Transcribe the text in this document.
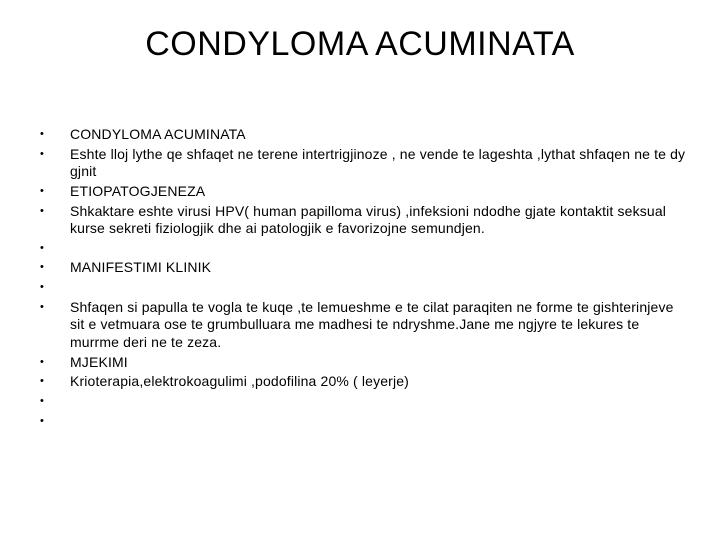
CONDYLOMA ACUMINATA
• CONDYLOMA ACUMINATA
• Eshte lloj lythe qe shfaqet ne terene intertrigjinoze , ne vende te lageshta ,lythat shfaqen ne te dy gjnit
• ETIOPATOGJENEZA
• Shkaktare eshte virusi HPV( human papilloma virus) ,infeksioni ndodhe gjate kontaktit seksual kurse sekreti fiziologjik dhe ai patologjik e favorizojne semundjen.
•
• MANIFESTIMI KLINIK
•
• Shfaqen si papulla te vogla te kuqe ,te lemueshme e te cilat paraqiten ne forme te gishterinjeve sit e vetmuara ose te grumbulluara me madhesi te ndryshme.Jane me ngjyre te lekures te murrme deri ne te zeza.
• MJEKIMI
• Krioterapia,elektrokoagulimi ,podofilina 20% ( leyerje)
•
•
